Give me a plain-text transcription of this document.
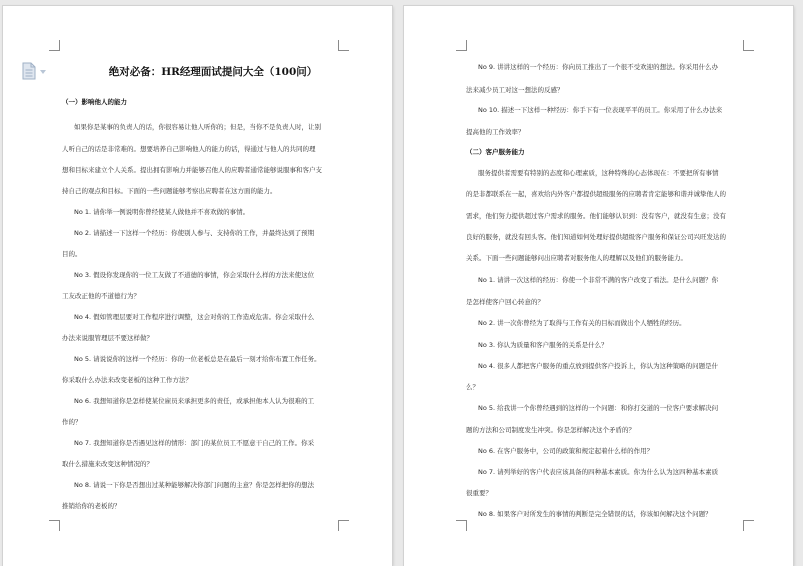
绝对必备：HR经理面试提问大全（100问）
（一）影响他人的能力
如果你是某事的负责人的话，你很容易让他人听你的；但是，当你不是负责人时，让别
人听自己的话是非常难的。想要培养自己影响他人的能力的话，得通过与他人的共同的理
想和目标来建立个人关系。提出拥有影响力并能够召他人的应聘者通常能够说服事和客户支
持自己的观点和目标。下面的一些问题能够考察出应聘者在这方面的能力。
No 1. 请你举一例说明你曾经使某人做他并不喜欢做的事情。
No 2. 请描述一下这样一个经历：你使别人参与、支持你的工作，并最终达到了预期
目的。
No 3. 假设你发现你的一位工友做了不道德的事情，你会采取什么样的方法来使这位
工友改正他的不道德行为？
No 4. 假如管理层要对工作程序进行调整，这会对你的工作造成危害。你会采取什么
办法来说服管理层不要这样做？
No 5. 请说说你的这样一个经历：你的一位老板总是在最后一刻才给你布置工作任务。
你采取什么办法来改变老板的这种工作方法？
No 6. 我想知道你是怎样使某位雇员来承担更多的责任，或承担他本人认为很难的工
作的？
No 7. 我想知道你是否遇见这样的情形：部门的某位员工不愿意干自己的工作。你采
取什么措施来改变这种情况的？
No 8. 请说一下你是否想出过某种能够解决你部门问题的主意？你是怎样把你的想法
推销给你的老板的？
No 9. 讲讲这样的一个经历：你向员工推出了一个很不受欢迎的想法。你采用什么办
法来减少员工对这一想法的反感？
No 10. 描述一下这样一种经历：你手下有一位表现平平的员工。你采用了什么办法来
提高他的工作效率？
（二）客户服务能力
服务提供者需要有特别的态度和心理素质，这种特殊的心态体现在：不要把所有事情
的是非都联系在一起，喜欢给内外客户都提供超级服务的应聘者肯定能够和谐并诚挚他人的
需求，他们努力提供超过客户需求的服务。他们能够认识到：没有客户，就没有生意；没有
良好的服务，就没有回头客。他们知道如何处理好提供超级客户服务和保证公司兴旺发达的
关系。下面一些问题能够问出应聘者对服务他人的理解以及他们的服务能力。
No 1. 请讲一次这样的经历：你使一个非常不满的客户改变了看法。是什么问题？你
是怎样使客户回心转意的？
No 2. 讲一次你曾经为了取得与工作有关的目标而做出个人牺牲的经历。
No 3. 你认为质量和客户服务的关系是什么？
No 4. 很多人都把客户服务的重点放到提供客户投诉上，你认为这种策略的问题是什
么？
No 5. 给我讲一个你曾经遇到的这样的一个问题：和你打交道的一位客户要求解决问
题的方法和公司制度发生冲突。你是怎样解决这个矛盾的？
No 6. 在客户服务中，公司的政策和规定起着什么样的作用？
No 7. 请列举好的客户代表应该具备的四种基本素质。你为什么认为这四种基本素质
很重要？
No 8. 如果客户对所发生的事情的判断是完全错误的话，你该如何解决这个问题？
